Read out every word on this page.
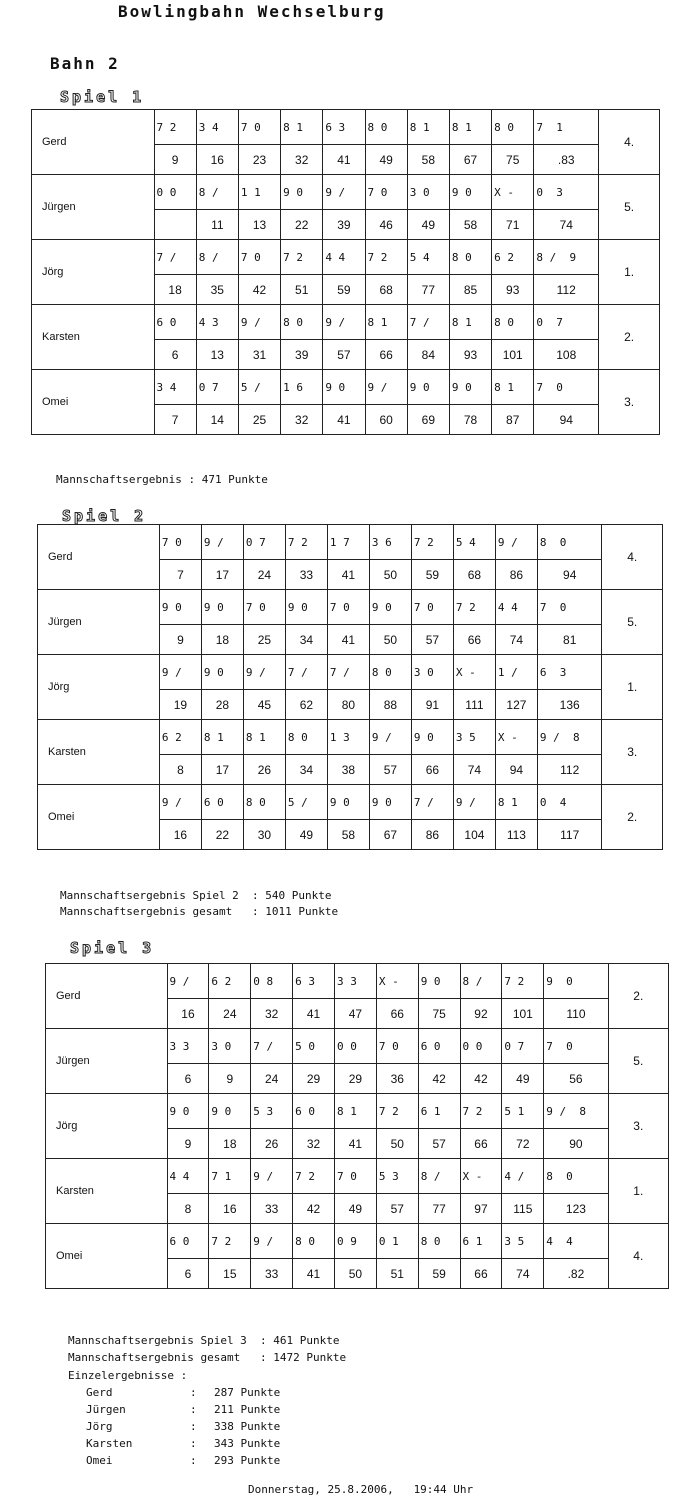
Bowlingbahn Wechselburg
Bahn 2
Spiel 1
Gerd	7 2	3 4	7 0	8 1	6 3	8 0	8 1	8 1	8 0	7  1	4.
	9	16	23	32	41	49	58	67	75	.83	
Jürgen	0 0	8 /	1 1	9 0	9 /	7 0	3 0	9 0	X -	0  3	5.
		11	13	22	39	46	49	58	71	74	
Jörg	7 /	8 /	7 0	7 2	4 4	7 2	5 4	8 0	6 2	8 /  9	1.
	18	35	42	51	59	68	77	85	93	112	
Karsten	6 0	4 3	9 /	8 0	9 /	8 1	7 /	8 1	8 0	0  7	2.
	6	13	31	39	57	66	84	93	101	108	
Omei	3 4	0 7	5 /	1 6	9 0	9 /	9 0	9 0	8 1	7  0	3.
	7	14	25	32	41	60	69	78	87	94	
Mannschaftsergebnis : 471 Punkte
Spiel 2
Gerd	7 0	9 /	0 7	7 2	1 7	3 6	7 2	5 4	9 /	8  0	4.
	7	17	24	33	41	50	59	68	86	94	
Jürgen	9 0	9 0	7 0	9 0	7 0	9 0	7 0	7 2	4 4	7  0	5.
	9	18	25	34	41	50	57	66	74	81	
Jörg	9 /	9 0	9 /	7 /	7 /	8 0	3 0	X -	1 /	6  3	1.
	19	28	45	62	80	88	91	111	127	136	
Karsten	6 2	8 1	8 1	8 0	1 3	9 /	9 0	3 5	X -	9 /  8	3.
	8	17	26	34	38	57	66	74	94	112	
Omei	9 /	6 0	8 0	5 /	9 0	9 0	7 /	9 /	8 1	0  4	2.
	16	22	30	49	58	67	86	104	113	117	
Mannschaftsergebnis Spiel 2  : 540 Punkte
Mannschaftsergebnis gesamt   : 1011 Punkte
Spiel 3
Gerd	9 /	6 2	0 8	6 3	3 3	X -	9 0	8 /	7 2	9  0	2.
	16	24	32	41	47	66	75	92	101	110	
Jürgen	3 3	3 0	7 /	5 0	0 0	7 0	6 0	0 0	0 7	7  0	5.
	6	9	24	29	29	36	42	42	49	56	
Jörg	9 0	9 0	5 3	6 0	8 1	7 2	6 1	7 2	5 1	9 /  8	3.
	9	18	26	32	41	50	57	66	72	90	
Karsten	4 4	7 1	9 /	7 2	7 0	5 3	8 /	X -	4 /	8  0	1.
	8	16	33	42	49	57	77	97	115	123	
Omei	6 0	7 2	9 /	8 0	0 9	0 1	8 0	6 1	3 5	4  4	4.
	6	15	33	41	50	51	59	66	74	.82	
Mannschaftsergebnis Spiel 3  : 461 Punkte
Mannschaftsergebnis gesamt   : 1472 Punkte
Einzelergebnisse :
Gerd	: 287 Punkte
Jürgen	: 211 Punkte
Jörg	: 338 Punkte
Karsten	: 343 Punkte
Omei	: 293 Punkte
Donnerstag, 25.8.2006,   19:44 Uhr
